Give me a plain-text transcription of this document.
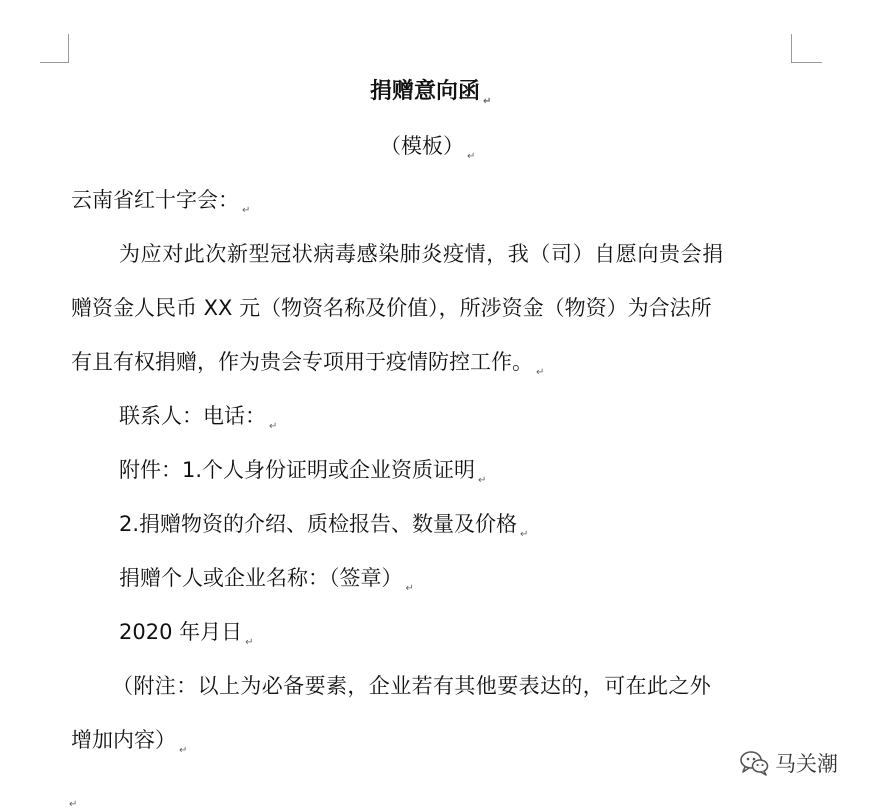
捐赠意向函 $_↵$
（模板） $_↵$
云南省红十字会： $_↵$
为应对此次新型冠状病毒感染肺炎疫情，我（司）自愿向贵会捐
赠资金人民币 XX 元（物资名称及价值），所涉资金（物资）为合法所
有且有权捐赠，作为贵会专项用于疫情防控工作。 $_↵$
联系人：电话： $_↵$
附件：1.个人身份证明或企业资质证明 $_↵$
2.捐赠物资的介绍、质检报告、数量及价格 $_↵$
捐赠个人或企业名称：（签章） $_↵$
2020 年月日 $_↵$
（附注：以上为必备要素，企业若有其他要表达的，可在此之外
增加内容） $_↵$
$_↵$
马关潮
